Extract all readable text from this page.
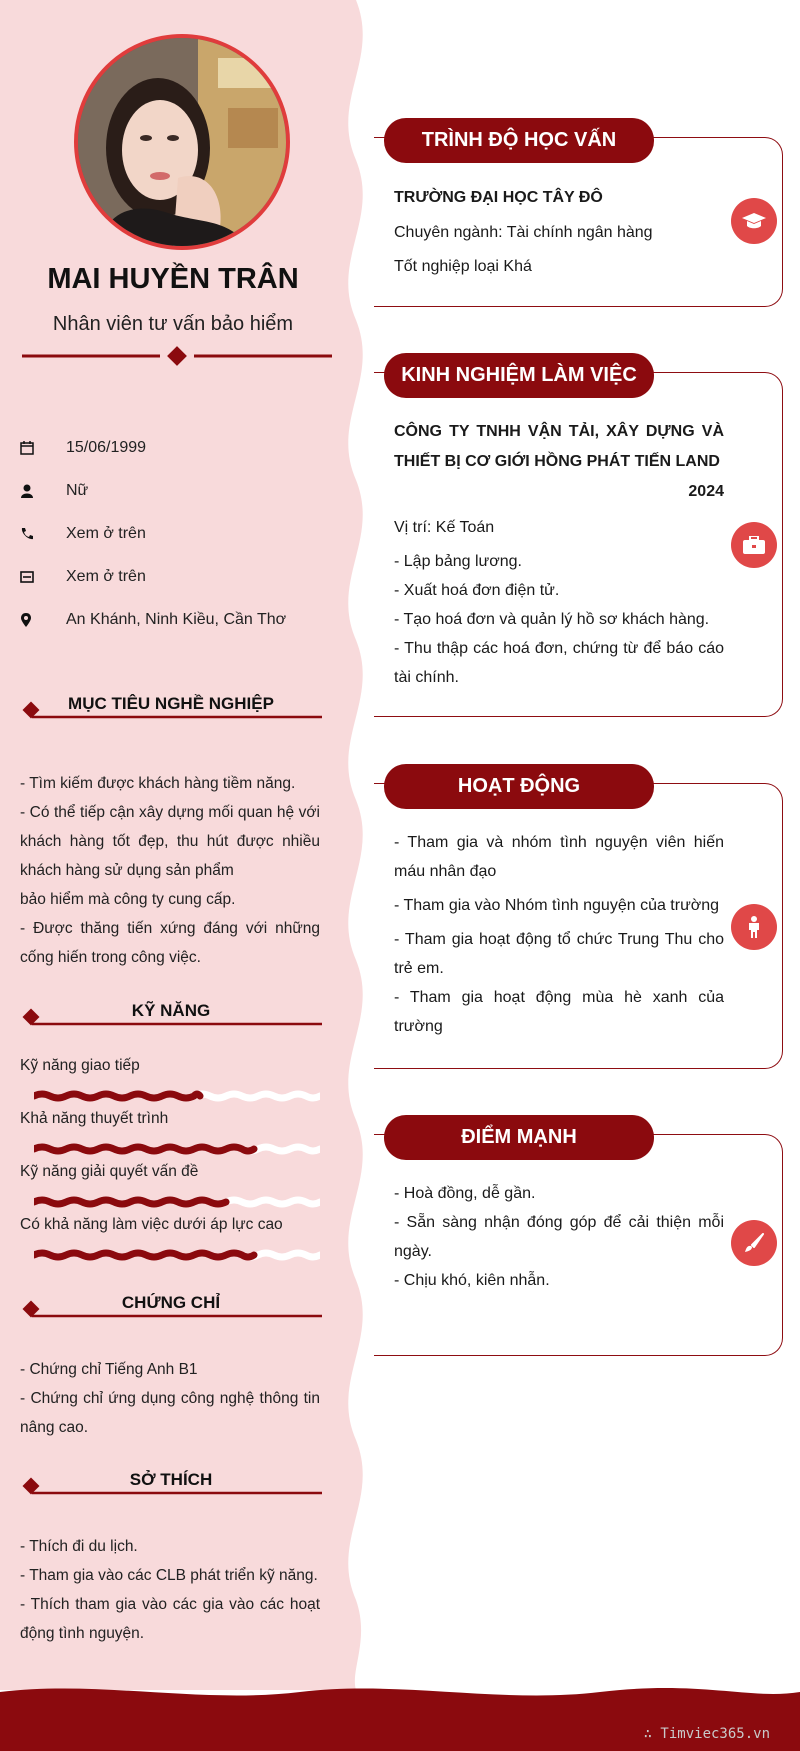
MAI HUYỀN TRÂN
Nhân viên tư vấn bảo hiểm
15/06/1999
Nữ
Xem ở trên
Xem ở trên
An Khánh, Ninh Kiều, Cần Thơ
MỤC TIÊU NGHỀ NGHIỆP
- Tìm kiếm được khách hàng tiềm năng.
- Có thể tiếp cận xây dựng mối quan hệ với khách hàng tốt đẹp, thu hút được nhiều khách hàng sử dụng sản phẩm
bảo hiểm mà công ty cung cấp.
- Được thăng tiến xứng đáng với những cống hiến trong công việc.
KỸ NĂNG
Kỹ năng giao tiếp
Khả năng thuyết trình
Kỹ năng giải quyết vấn đề
Có khả năng làm việc dưới áp lực cao
CHỨNG CHỈ
- Chứng chỉ Tiếng Anh B1
- Chứng chỉ ứng dụng công nghệ thông tin nâng cao.
SỞ THÍCH
- Thích đi du lịch.
- Tham gia vào các CLB phát triển kỹ năng.
- Thích tham gia vào các gia vào các hoạt động tình nguyện.
TRÌNH ĐỘ HỌC VẤN
TRƯỜNG ĐẠI HỌC TÂY ĐÔ
Chuyên ngành: Tài chính ngân hàng
Tốt nghiệp loại Khá
KINH NGHIỆM LÀM VIỆC
CÔNG TY TNHH VẬN TẢI, XÂY DỰNG VÀ THIẾT BỊ CƠ GIỚI HỒNG PHÁT TIẾN LAND
2024
Vị trí: Kế Toán
- Lập bảng lương.
- Xuất hoá đơn điện tử.
- Tạo hoá đơn và quản lý hồ sơ khách hàng.
- Thu thập các hoá đơn, chứng từ để báo cáo tài chính.
HOẠT ĐỘNG
- Tham gia và nhóm tình nguyện viên hiến máu nhân đạo
- Tham gia vào Nhóm tình nguyện của trường
- Tham gia hoạt động tổ chức Trung Thu cho trẻ em.
- Tham gia hoạt động mùa hè xanh của trường
ĐIỂM MẠNH
- Hoà đồng, dễ gần.
- Sẵn sàng nhận đóng góp để cải thiện mỗi ngày.
- Chịu khó, kiên nhẫn.
∴ Timviec365.vn
